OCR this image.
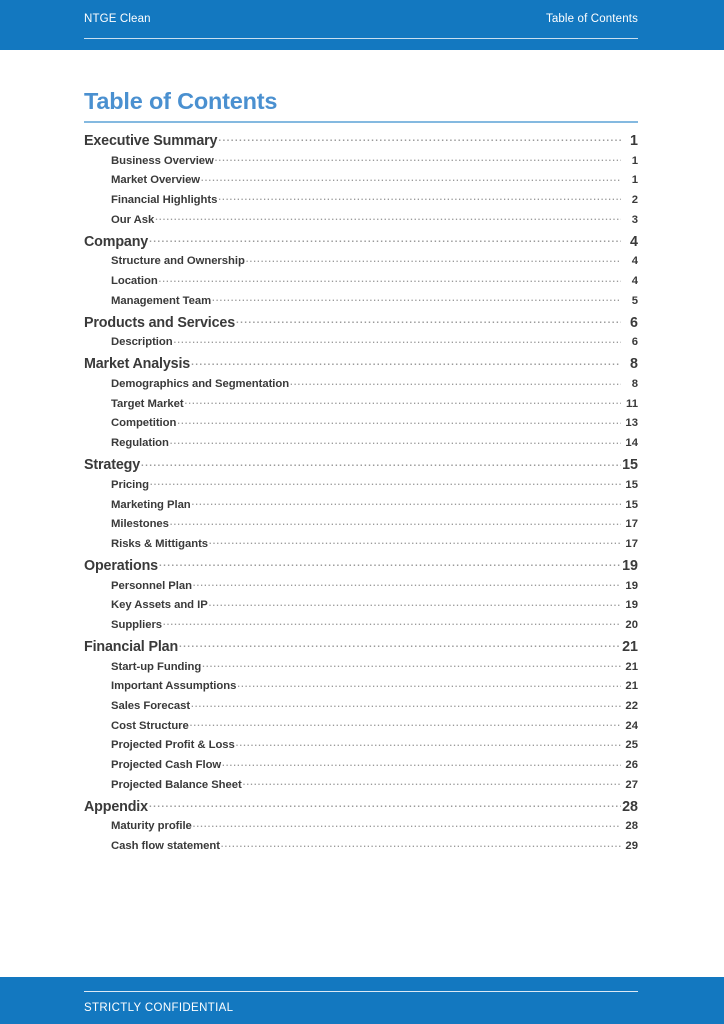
NTGE Clean	Table of Contents
Table of Contents
Executive Summary .....	1
Business Overview .....	1
Market Overview .....	1
Financial Highlights .....	2
Our Ask .....	3
Company .....	4
Structure and Ownership .....	4
Location .....	4
Management Team .....	5
Products and Services .....	6
Description .....	6
Market Analysis .....	8
Demographics and Segmentation .....	8
Target Market .....	11
Competition .....	13
Regulation .....	14
Strategy .....	15
Pricing .....	15
Marketing Plan .....	15
Milestones .....	17
Risks & Mittigants .....	17
Operations .....	19
Personnel Plan .....	19
Key Assets and IP .....	19
Suppliers .....	20
Financial Plan .....	21
Start-up Funding .....	21
Important Assumptions .....	21
Sales Forecast .....	22
Cost Structure .....	24
Projected Profit & Loss .....	25
Projected Cash Flow .....	26
Projected Balance Sheet .....	27
Appendix .....	28
Maturity profile .....	28
Cash flow statement .....	29
STRICTLY CONFIDENTIAL
